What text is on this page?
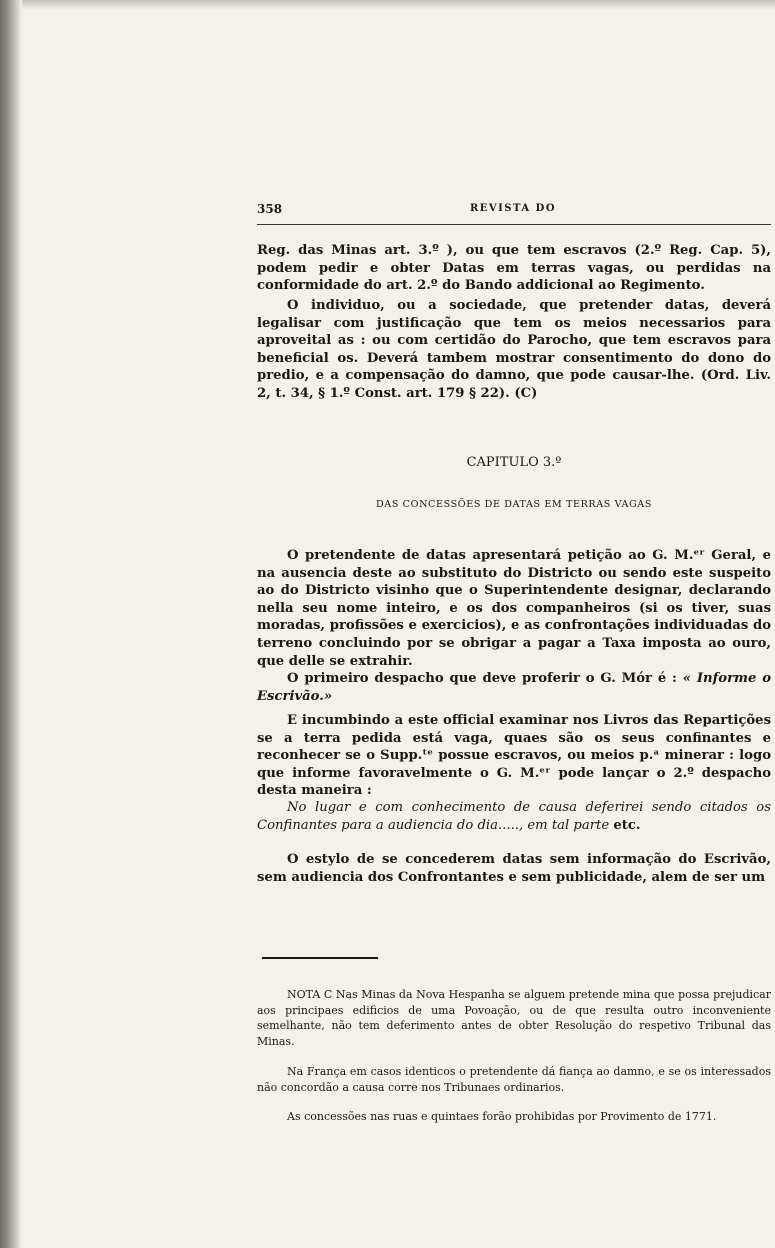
358	REVISTA DO

Reg. das Minas art. 3.º ), ou que tem escravos (2.º Reg. Cap. 5), podem pedir e obter Datas em terras vagas, ou perdidas na conformidade do art. 2.º do Bando addicional ao Regimento.

O individuo, ou a sociedade, que pretender datas, deverá legalisar com justificação que tem os meios necessarios para aproveital as : ou com certidão do Parocho, que tem escravos para beneficial os. Deverá tambem mostrar consentimento do dono do predio, e a compensação do damno, que pode causar-lhe. (Ord. Liv. 2, t. 34, § 1.º Const. art. 179 § 22). (C)

CAPITULO 3.º

DAS CONCESSÕES DE DATAS EM TERRAS VAGAS

O pretendente de datas apresentará petição ao G. M.ᵉʳ Geral, e na ausencia deste ao substituto do Districto ou sendo este suspeito ao do Districto visinho que o Superintendente designar, declarando nella seu nome inteiro, e os dos companheiros (si os tiver, suas moradas, profissões e exercicios), e as confrontações individuadas do terreno concluindo por se obrigar a pagar a Taxa imposta ao ouro, que delle se extrahir.

O primeiro despacho que deve proferir o G. Mór é : « Informe o Escrivão.»

E incumbindo a este official examinar nos Livros das Repartições se a terra pedida está vaga, quaes são os seus confinantes e reconhecer se o Supp.ᵗᵉ possue escravos, ou meios p.ᵃ minerar : logo que informe favoravelmente o G. M.ᵉʳ pode lançar o 2.º despacho desta maneira :

No lugar e com conhecimento de causa deferirei sendo citados os Confinantes para a audiencia do dia....., em tal parte etc.

O estylo de se concederem datas sem informação do Escrivão, sem audiencia dos Confrontantes e sem publicidade, alem de ser um

NOTA C Nas Minas da Nova Hespanha se alguem pretende mina que possa prejudicar aos principaes edificios de uma Povoação, ou de que resulta outro inconveniente semelhante, não tem deferimento antes de obter Resolução do respetivo Tribunal das Minas.

Na França em casos identicos o pretendente dá fiança ao damno, e se os interessados não concordão a causa corre nos Tribunaes ordinarios.

As concessões nas ruas e quintaes forão prohibidas por Provimento de 1771.
